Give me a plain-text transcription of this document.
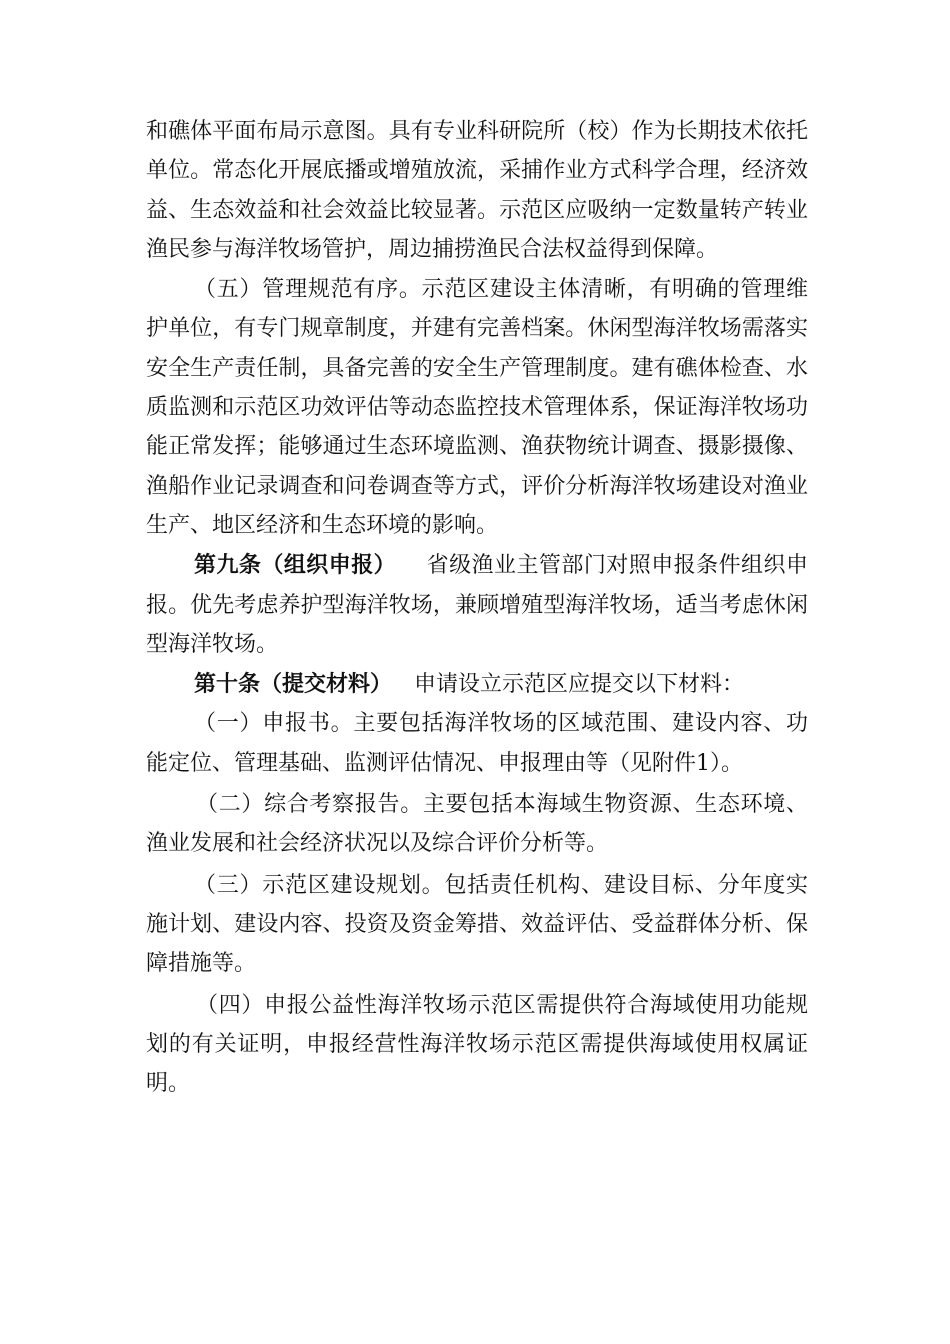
和礁体平面布局示意图。具有专业科研院所（校）作为长期技术依托单位。常态化开展底播或增殖放流，采捕作业方式科学合理，经济效益、生态效益和社会效益比较显著。示范区应吸纳一定数量转产转业渔民参与海洋牧场管护，周边捕捞渔民合法权益得到保障。

（五）管理规范有序。示范区建设主体清晰，有明确的管理维护单位，有专门规章制度，并建有完善档案。休闲型海洋牧场需落实安全生产责任制，具备完善的安全生产管理制度。建有礁体检查、水质监测和示范区功效评估等动态监控技术管理体系，保证海洋牧场功能正常发挥；能够通过生态环境监测、渔获物统计调查、摄影摄像、渔船作业记录调查和问卷调查等方式，评价分析海洋牧场建设对渔业生产、地区经济和生态环境的影响。

第九条（组织申报） 省级渔业主管部门对照申报条件组织申报。优先考虑养护型海洋牧场，兼顾增殖型海洋牧场，适当考虑休闲型海洋牧场。

第十条（提交材料） 申请设立示范区应提交以下材料：

（一）申报书。主要包括海洋牧场的区域范围、建设内容、功能定位、管理基础、监测评估情况、申报理由等（见附件1）。

（二）综合考察报告。主要包括本海域生物资源、生态环境、渔业发展和社会经济状况以及综合评价分析等。

（三）示范区建设规划。包括责任机构、建设目标、分年度实施计划、建设内容、投资及资金筹措、效益评估、受益群体分析、保障措施等。

（四）申报公益性海洋牧场示范区需提供符合海域使用功能规划的有关证明，申报经营性海洋牧场示范区需提供海域使用权属证明。
